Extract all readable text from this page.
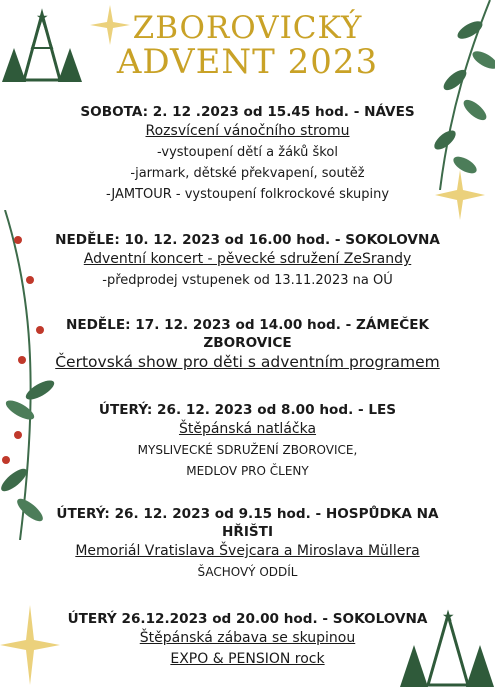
★
★
ZBOROVICKÝ
ADVENT 2023
SOBOTA: 2. 12 .2023 od 15.45 hod. - NÁVES
Rozsvícení vánočního stromu
-vystoupení dětí a žáků škol
-jarmark, dětské překvapení, soutěž
-JAMTOUR - vystoupení folkrockové skupiny
NEDĚLE: 10. 12. 2023 od 16.00 hod. - SOKOLOVNA
Adventní koncert - pěvecké sdružení ZeSrandy
-předprodej vstupenek od 13.11.2023 na OÚ
NEDĚLE: 17. 12. 2023 od 14.00 hod. - ZÁMEČEK
ZBOROVICE
Čertovská show pro děti s adventním programem
ÚTERÝ: 26. 12. 2023 od 8.00 hod. - LES
Štěpánská natláčka
MYSLIVECKÉ SDRUŽENÍ ZBOROVICE,
MEDLOV PRO ČLENY
ÚTERÝ: 26. 12. 2023 od 9.15 hod. - HOSPŮDKA NA
HŘIŠTI
Memoriál Vratislava Švejcara a Miroslava Müllera
ŠACHOVÝ ODDÍL
ÚTERÝ 26.12.2023 od 20.00 hod. - SOKOLOVNA
Štěpánská zábava se skupinou
EXPO & PENSION rock
